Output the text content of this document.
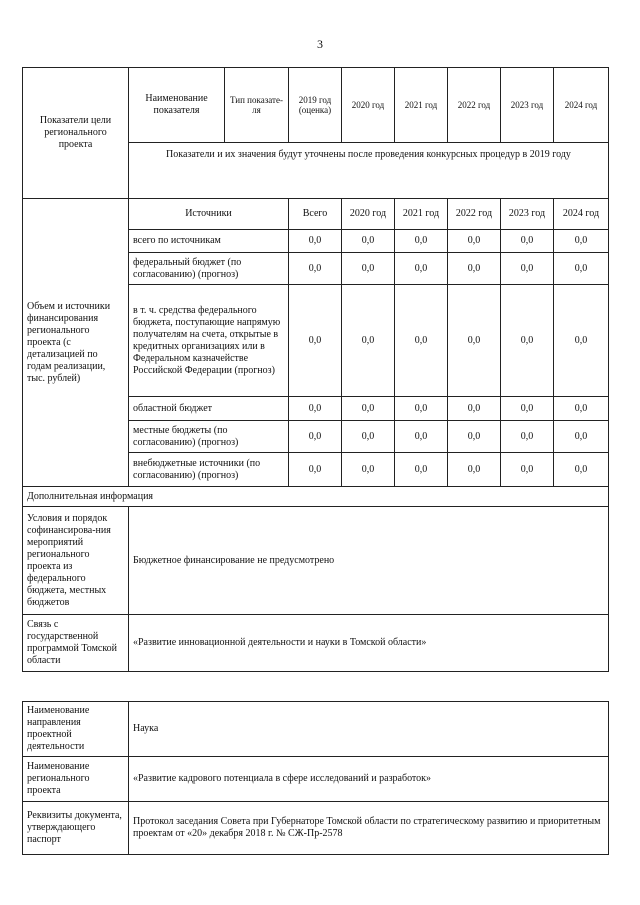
3
Показатели цели регионального проекта	Наименование показателя	Тип показате-ля	2019 год (оценка)	2020 год	2021 год	2022 год	2023 год	2024 год
	Показатели и их значения будут уточнены после проведения конкурсных процедур в 2019 году							
Объем и источники финансирования регионального проекта (с детализацией по годам реализации, тыс. рублей)	Источники		Всего	2020 год	2021 год	2022 год	2023 год	2024 год
	всего по источникам		0,0	0,0	0,0	0,0	0,0	0,0
	федеральный бюджет (по согласованию) (прогноз)		0,0	0,0	0,0	0,0	0,0	0,0
	в т. ч. средства федерального бюджета, поступающие напрямую получателям на счета, открытые в кредитных организациях или в Федеральном казначействе Российской Федерации (прогноз)		0,0	0,0	0,0	0,0	0,0	0,0
	областной бюджет		0,0	0,0	0,0	0,0	0,0	0,0
	местные бюджеты (по согласованию) (прогноз)		0,0	0,0	0,0	0,0	0,0	0,0
	внебюджетные источники (по согласованию) (прогноз)		0,0	0,0	0,0	0,0	0,0	0,0
Дополнительная информация								
Условия и порядок софинансирова-ния мероприятий регионального проекта из федерального бюджета, местных бюджетов	Бюджетное финансирование не предусмотрено							
Связь с государственной программой Томской области	«Развитие инновационной деятельности и науки в Томской области»							
Наименование направления проектной деятельности	Наука
Наименование регионального проекта	«Развитие кадрового потенциала в сфере исследований и разработок»
Реквизиты документа, утверждающего паспорт	Протокол заседания Совета при Губернаторе Томской области по стратегическому развитию и приоритетным проектам от «20» декабря 2018 г. № СЖ-Пр-2578
